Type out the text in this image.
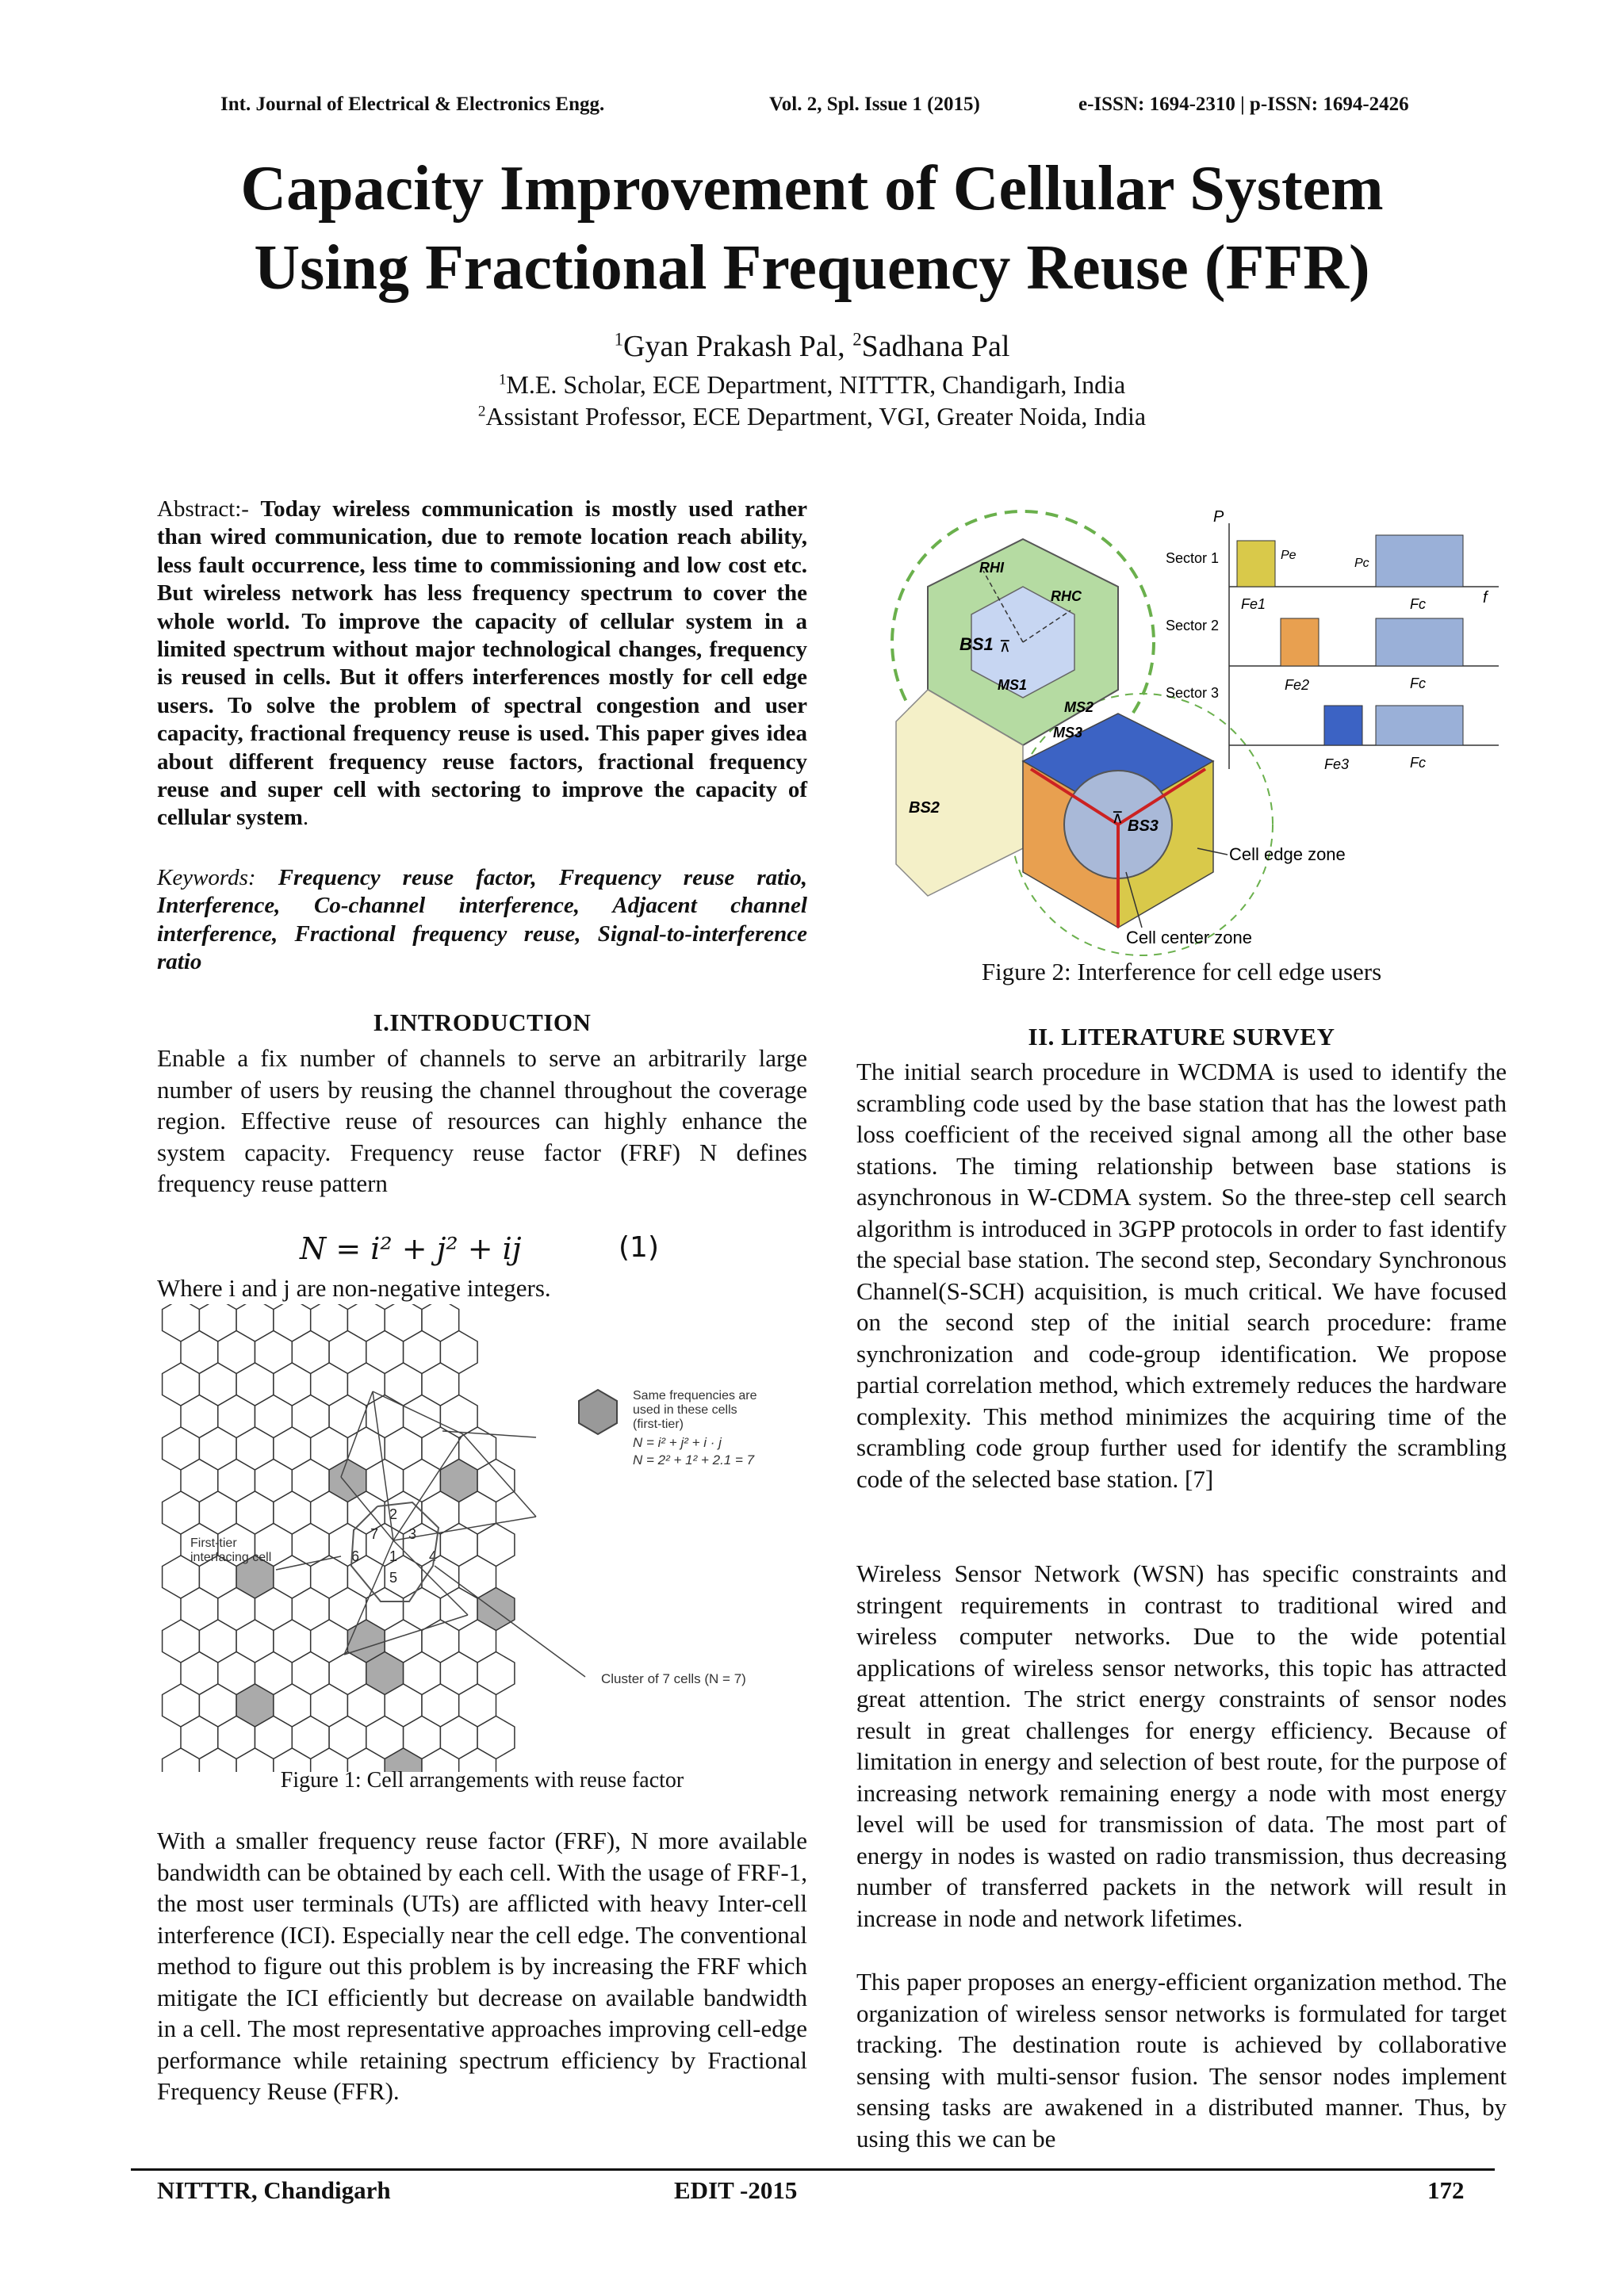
Int. Journal of Electrical & Electronics Engg.	Vol. 2, Spl. Issue 1 (2015)	e-ISSN: 1694-2310 | p-ISSN: 1694-2426
Capacity Improvement of Cellular System
Using Fractional Frequency Reuse (FFR)
$^1$Gyan Prakash Pal, $^2$Sadhana Pal
$^1$M.E. Scholar, ECE Department, NITTTR, Chandigarh, India
$^2$Assistant Professor, ECE Department, VGI, Greater Noida, India
Abstract:- Today wireless communication is mostly used rather than wired communication, due to remote location reach ability, less fault occurrence, less time to commissioning and low cost etc. But wireless network has less frequency spectrum to cover the whole world. To improve the capacity of cellular system in a limited spectrum without major technological changes, frequency is reused in cells. But it offers interferences mostly for cell edge users. To solve the problem of spectral congestion and user capacity, fractional frequency reuse is used. This paper gives idea about different frequency reuse factors, fractional frequency reuse and super cell with sectoring to improve the capacity of cellular system.
Keywords: Frequency reuse factor, Frequency reuse ratio, Interference, Co-channel interference, Adjacent channel interference, Fractional frequency reuse, Signal-to-interference ratio
I.INTRODUCTION
Enable a fix number of channels to serve an arbitrarily large number of users by reusing the channel throughout the coverage region. Effective reuse of resources can highly enhance the system capacity. Frequency reuse factor (FRF) N defines frequency reuse pattern
N = i² + j² + ij	(1)
Where i and j are non-negative integers.
1
2
3
4
5
6
7
Same frequencies are
used in these cells
(first-tier)
N = i² + j² + i · j
N = 2² + 1² + 2.1 = 7
First-tier
interfacing cell
Cluster of 7 cells (N = 7)
Figure 1: Cell arrangements with reuse factor
With a smaller frequency reuse factor (FRF), N more available bandwidth can be obtained by each cell. With the usage of FRF-1, the most user terminals (UTs) are afflicted with heavy Inter-cell interference (ICI). Especially near the cell edge. The conventional method to figure out this problem is by increasing the FRF which mitigate the ICI efficiently but decrease on available bandwidth in a cell. The most representative approaches improving cell-edge performance while retaining spectrum efficiency by Fractional Frequency Reuse (FFR).
BS1
BS2
BS3
⊼
⊼
MS1
MS2
MS3
RHI
RHC
P
f
Sector 1
Sector 2
Sector 3
Pe
Pc
Fe1
Fe2
Fe3
Fc
Fc
Fc
Cell edge zone
Cell center zone
Figure 2: Interference for cell edge users
II. LITERATURE SURVEY
The initial search procedure in WCDMA is used to identify the scrambling code used by the base station that has the lowest path loss coefficient of the received signal among all the other base stations. The timing relationship between base stations is asynchronous in W-CDMA system. So the three-step cell search algorithm is introduced in 3GPP protocols in order to fast identify the special base station. The second step, Secondary Synchronous Channel(S-SCH) acquisition, is much critical. We have focused on the second step of the initial search procedure: frame synchronization and code-group identification. We propose partial correlation method, which extremely reduces the hardware complexity. This method minimizes the acquiring time of the scrambling code group further used for identify the scrambling code of the selected base station. [7]
Wireless Sensor Network (WSN) has specific constraints and stringent requirements in contrast to traditional wired and wireless computer networks. Due to the wide potential applications of wireless sensor networks, this topic has attracted great attention. The strict energy constraints of sensor nodes result in great challenges for energy efficiency. Because of limitation in energy and selection of best route, for the purpose of increasing network remaining energy a node with most energy level will be used for transmission of data. The most part of energy in nodes is wasted on radio transmission, thus decreasing number of transferred packets in the network will result in increase in node and network lifetimes.
This paper proposes an energy-efficient organization method. The organization of wireless sensor networks is formulated for target tracking. The destination route is achieved by collaborative sensing with multi-sensor fusion. The sensor nodes implement sensing tasks are awakened in a distributed manner. Thus, by using this we can be
NITTTR, Chandigarh	EDIT -2015	172
